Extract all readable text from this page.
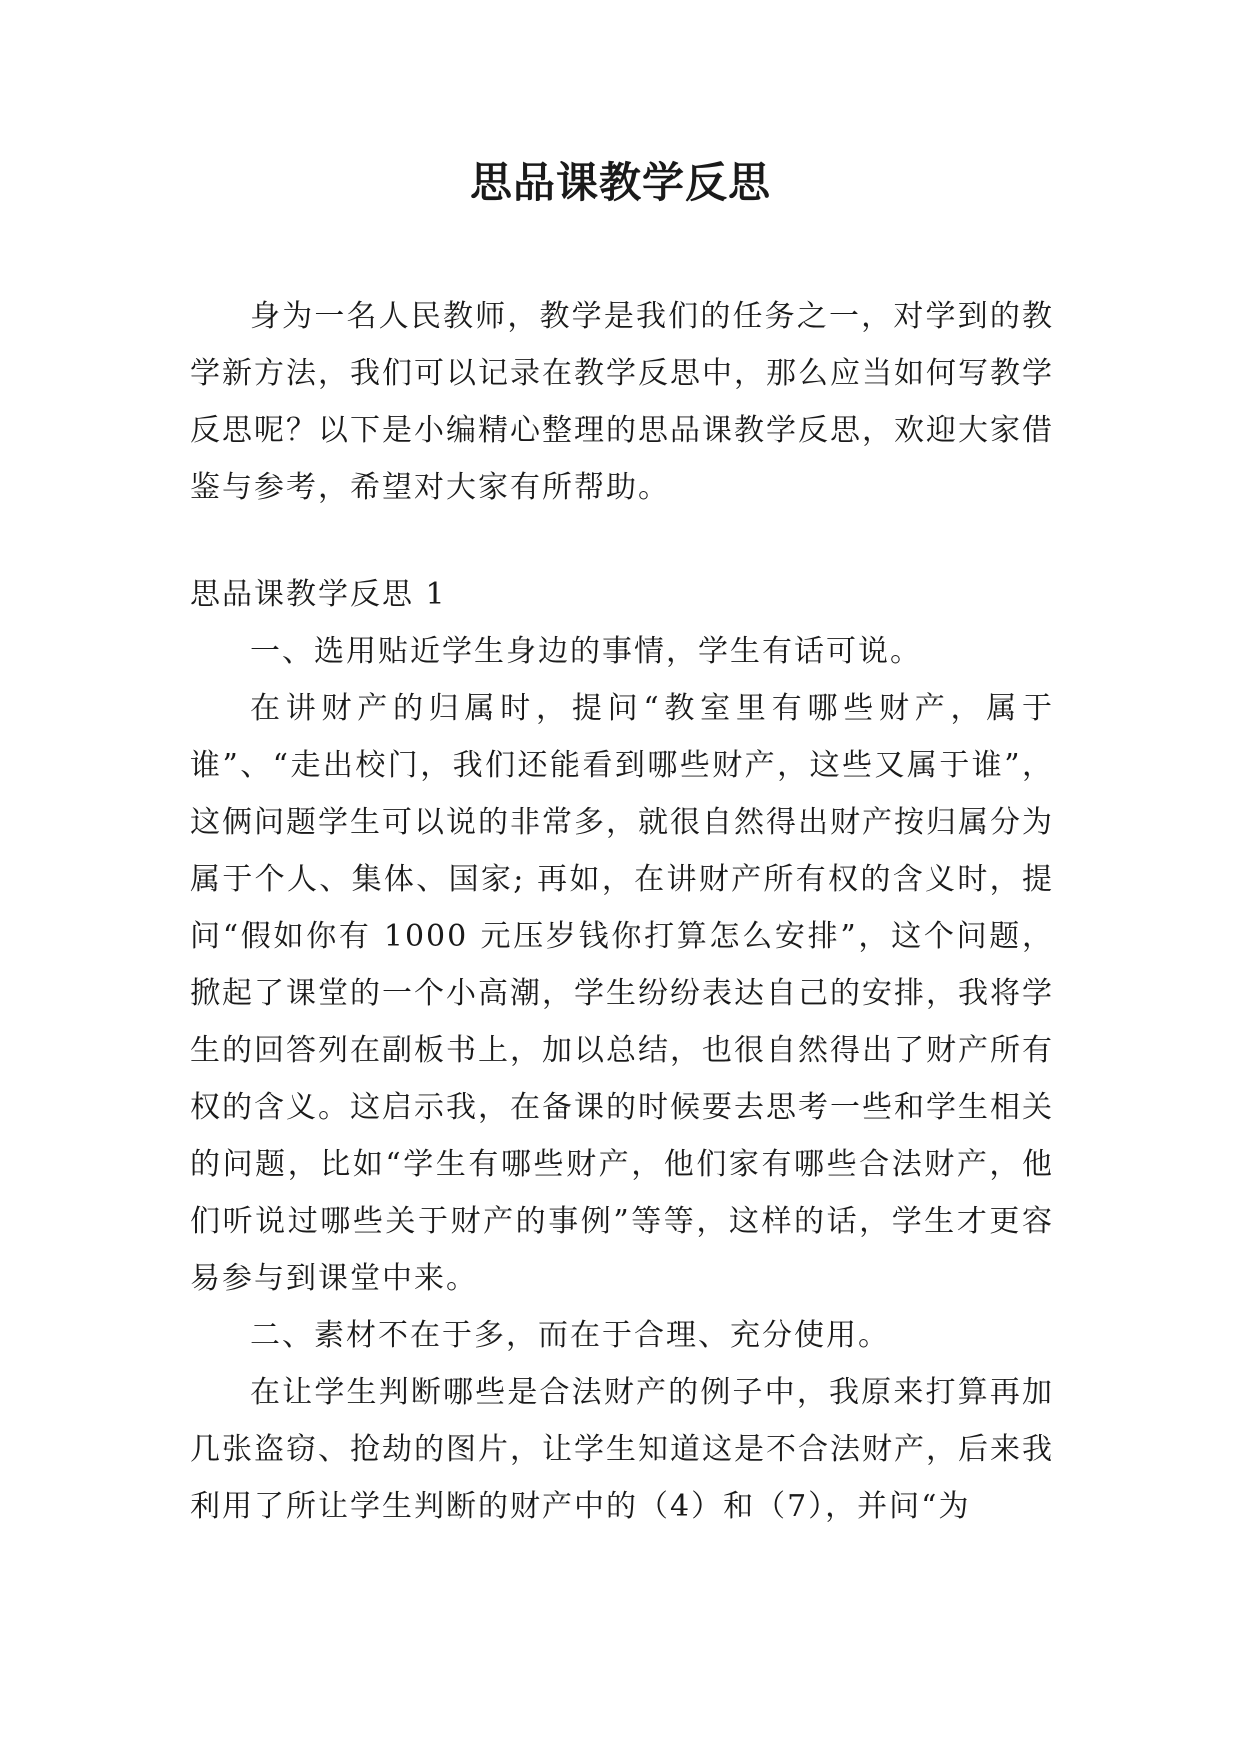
思品课教学反思

身为一名人民教师，教学是我们的任务之一，对学到的教学新方法，我们可以记录在教学反思中，那么应当如何写教学反思呢？以下是小编精心整理的思品课教学反思，欢迎大家借鉴与参考，希望对大家有所帮助。

思品课教学反思 1

一、选用贴近学生身边的事情，学生有话可说。

在讲财产的归属时，提问“教室里有哪些财产，属于谁”、“走出校门，我们还能看到哪些财产，这些又属于谁”，这俩问题学生可以说的非常多，就很自然得出财产按归属分为属于个人、集体、国家; 再如，在讲财产所有权的含义时，提问“假如你有 1000 元压岁钱你打算怎么安排”，这个问题，掀起了课堂的一个小高潮，学生纷纷表达自己的安排，我将学生的回答列在副板书上，加以总结，也很自然得出了财产所有权的含义。这启示我，在备课的时候要去思考一些和学生相关的问题，比如“学生有哪些财产，他们家有哪些合法财产，他们听说过哪些关于财产的事例”等等，这样的话，学生才更容易参与到课堂中来。

二、素材不在于多，而在于合理、充分使用。

在让学生判断哪些是合法财产的例子中，我原来打算再加几张盗窃、抢劫的图片，让学生知道这是不合法财产，后来我利用了所让学生判断的财产中的（4）和（7），并问“为
